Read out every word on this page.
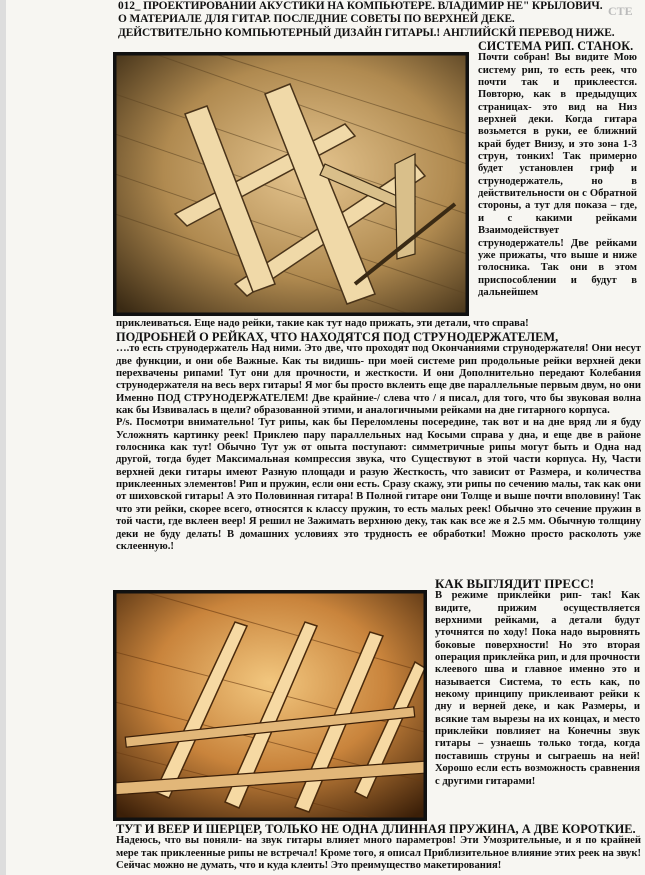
012_ ПРОЕКТИРОВАНИИ АКУСТИКИ НА КОМПЬЮТЕРЕ. ВЛАДИМИР НЕ" КРЫЛОВИЧ.
О МАТЕРИАЛЕ ДЛЯ ГИТАР. ПОСЛЕДНИЕ СОВЕТЫ ПО ВЕРХНЕЙ ДЕКЕ.
ДЕЙСТВИТЕЛЬНО КОМПЬЮТЕРНЫЙ ДИЗАЙН ГИТАРЫ.! АНГЛИЙСКЙ ПЕРЕВОД НИЖЕ.
CTE
СИСТЕМА РИП. СТАНОК.
Почти собран! Вы видите Мою систему рип, то есть реек, что почти так и приклеестся. Повторю, как в предыдущих страницах- это вид на Низ верхней деки. Когда гитара возьмется в руки, ее ближний край будет Внизу, и это зона 1-3 струн, тонких! Так примерно будет установлен гриф и струнодержатель, но в действительности он с Обратной стороны, а тут для показа – где, и с какими рейками Взаимодействует струнодержатель! Две рейками уже прижаты, что выше и ниже голосника. Так они в этом приспособлении и будут в дальнейшем
приклеиваться. Еще надо рейки, такие как тут надо прижать, эти детали, что справа!
ПОДРОБНЕЙ О РЕЙКАХ, ЧТО НАХОДЯТСЯ ПОД СТРУНОДЕРЖАТЕЛЕМ,
….то есть струнодержатель Над ними. Это две, что проходят под Окончаниями струнодержателя! Они несут две функции, и они обе Важные. Как ты видишь- при моей системе рип продольные рейки верхней деки перехвачены рипами! Тут они для прочности, и жесткости. И они Дополнительно передают Колебания струнодержателя на весь верх гитары! Я мог бы просто вклеить еще две параллельные первым двум, но они Именно ПОД СТРУНОДЕРЖАТЕЛЕМ! Две крайние-/ слева что / я писал, для того, что бы звуковая волна как бы Извивалась в щели? образованной этими, и аналогичными рейками на дне гитарного корпуса.
P/s. Посмотри внимательно! Тут рипы, как бы Переломлены посередине, так вот и на дне вряд ли я буду Усложнять картинку реек! Приклею пару параллельных над Косыми справа у дна, и еще две в районе голосника как тут! Обычно Тут уж от опыта поступают: симметричные рипы могут быть и Одна над другой, тогда будет Максимальная компрессия звука, что Существуют в этой части корпуса. Ну, Части верхней деки гитары имеют Разную площади и разую Жесткость, что зависит от Размера, и количества приклеенных элементов! Рип и пружин, если они есть. Сразу скажу, эти рипы по сечению малы, так как они от шиховской гитары! А это Половинная гитара! В Полной гитаре они Толще и выше почти вполовину! Так что эти рейки, скорее всего, относятся к классу пружин, то есть малых реек! Обычно это сечение пружин в той части, где вклеен веер! Я решил не Зажимать верхнюю деку, так как все же я 2.5 мм. Обычную толщину деки не буду делать! В домашних условиях это трудность ее обработки! Можно просто расколоть уже склеенную.!
КАК ВЫГЛЯДИТ ПРЕСС!
В режиме приклейки рип- так! Как видите, прижим осуществляется верхними рейками, а детали будут уточнятся по ходу! Пока надо выровнять боковые поверхности! Но это вторая операция приклейка рип, и для прочности клеевого шва и главное именно это и называется Система, то есть как, по некому принципу приклеивают рейки к дну и верней деке, и как Размеры, и всякие там вырезы на их концах, и место приклейки повлияет на Конечны звук гитары – узнаешь только тогда, когда поставишь струны и сыграешь на ней! Хорошо если есть возможность сравнения с другими гитарами!
ТУТ И ВЕЕР И ШЕРЦЕР, ТОЛЬКО НЕ ОДНА ДЛИННАЯ ПРУЖИНА, А ДВЕ КОРОТКИЕ.
Надеюсь, что вы поняли- на звук гитары влияет много параметров! Эти Умозрительные, и я по крайней мере так приклеенные рипы не встречал! Кроме того, я описал Приблизительное влияние этих реек на звук! Сейчас можно не думать, что и куда клеить! Это преимущество макетирования!
